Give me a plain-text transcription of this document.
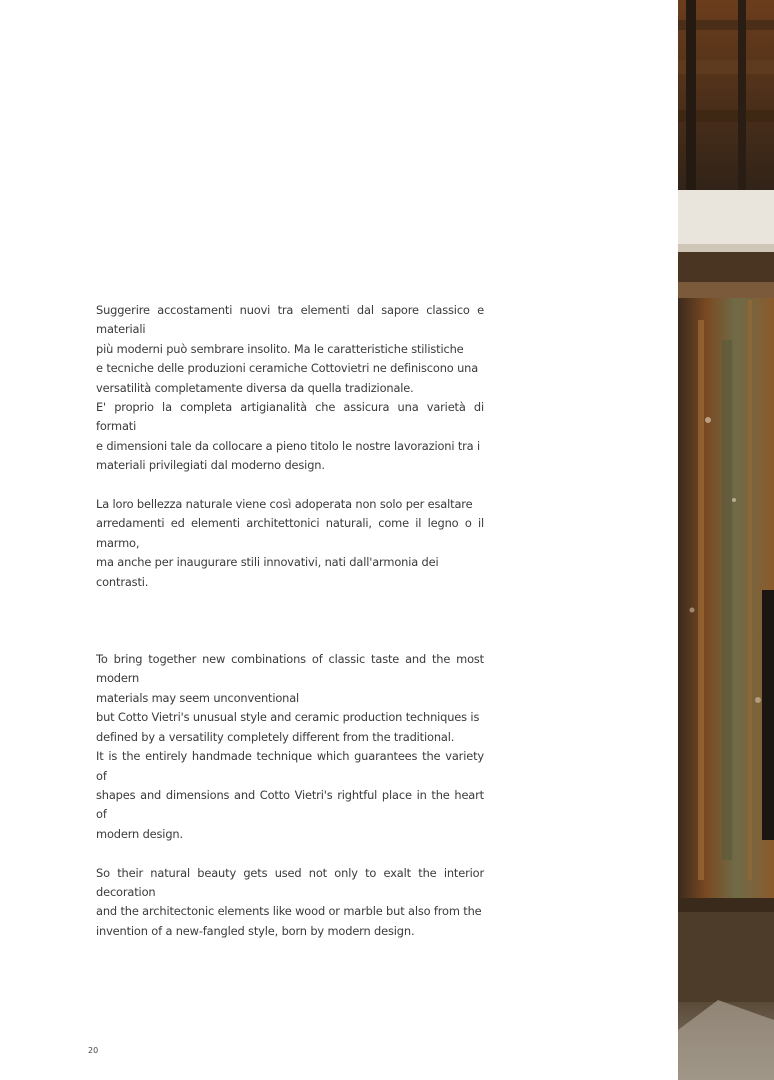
Suggerire accostamenti nuovi tra elementi dal sapore classico e materiali
più moderni può sembrare insolito. Ma le caratteristiche stilistiche
e tecniche delle produzioni ceramiche Cottovietri ne definiscono una
versatilità completamente diversa da quella tradizionale.

E' proprio la completa artigianalità che assicura una varietà di formati
e dimensioni tale da collocare a pieno titolo le nostre lavorazioni tra i
materiali privilegiati dal moderno design.

La loro bellezza naturale viene così adoperata non solo per esaltare
arredamenti ed elementi architettonici naturali, come il legno o il marmo,
ma anche per inaugurare stili innovativi, nati dall'armonia dei contrasti.

To bring together new combinations of classic taste and the most modern
materials may seem unconventional

but Cotto Vietri's unusual style and ceramic production techniques is
defined by a versatility completely different from the traditional.

It is the entirely handmade technique which guarantees the variety of
shapes and dimensions and Cotto Vietri's rightful place in the heart of
modern design.

So their natural beauty gets used not only to exalt the interior decoration
and the architectonic elements like wood or marble but also from the
invention of a new-fangled style, born by modern design.

20
